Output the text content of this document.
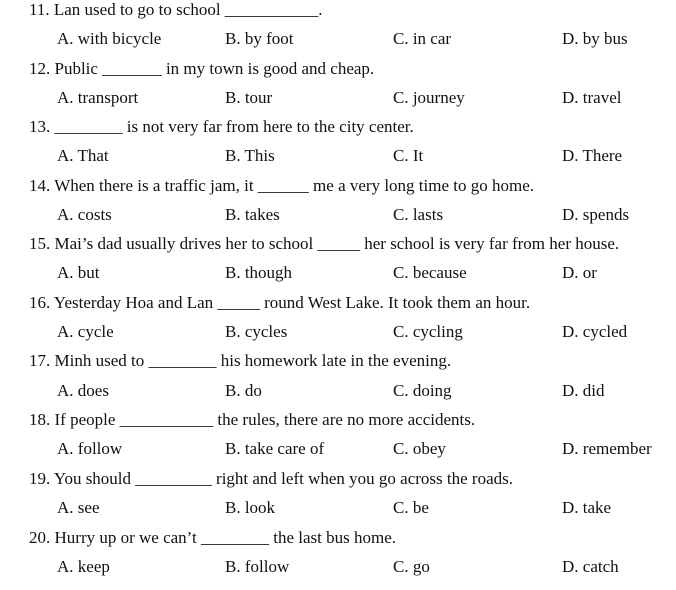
11. Lan used to go to school ___________.
A. with bicycle	B. by foot	C. in car	D. by bus
12. Public _______ in my town is good and cheap.
A. transport	B. tour	C. journey	D. travel
13. ________ is not very far from here to the city center.
A. That	B. This	C. It	D. There
14. When there is a traffic jam, it ______ me a very long time to go home.
A. costs	B. takes	C. lasts	D. spends
15. Mai’s dad usually drives her to school _____ her school is very far from her house.
A. but	B. though	C. because	D. or
16. Yesterday Hoa and Lan _____ round West Lake. It took them an hour.
A. cycle	B. cycles	C. cycling	D. cycled
17. Minh used to ________ his homework late in the evening.
A. does	B. do	C. doing	D. did
18. If people ___________ the rules, there are no more accidents.
A. follow	B. take care of	C. obey	D. remember
19. You should _________ right and left when you go across the roads.
A. see	B. look	C. be	D. take
20. Hurry up or we can’t ________ the last bus home.
A. keep	B. follow	C. go	D. catch
